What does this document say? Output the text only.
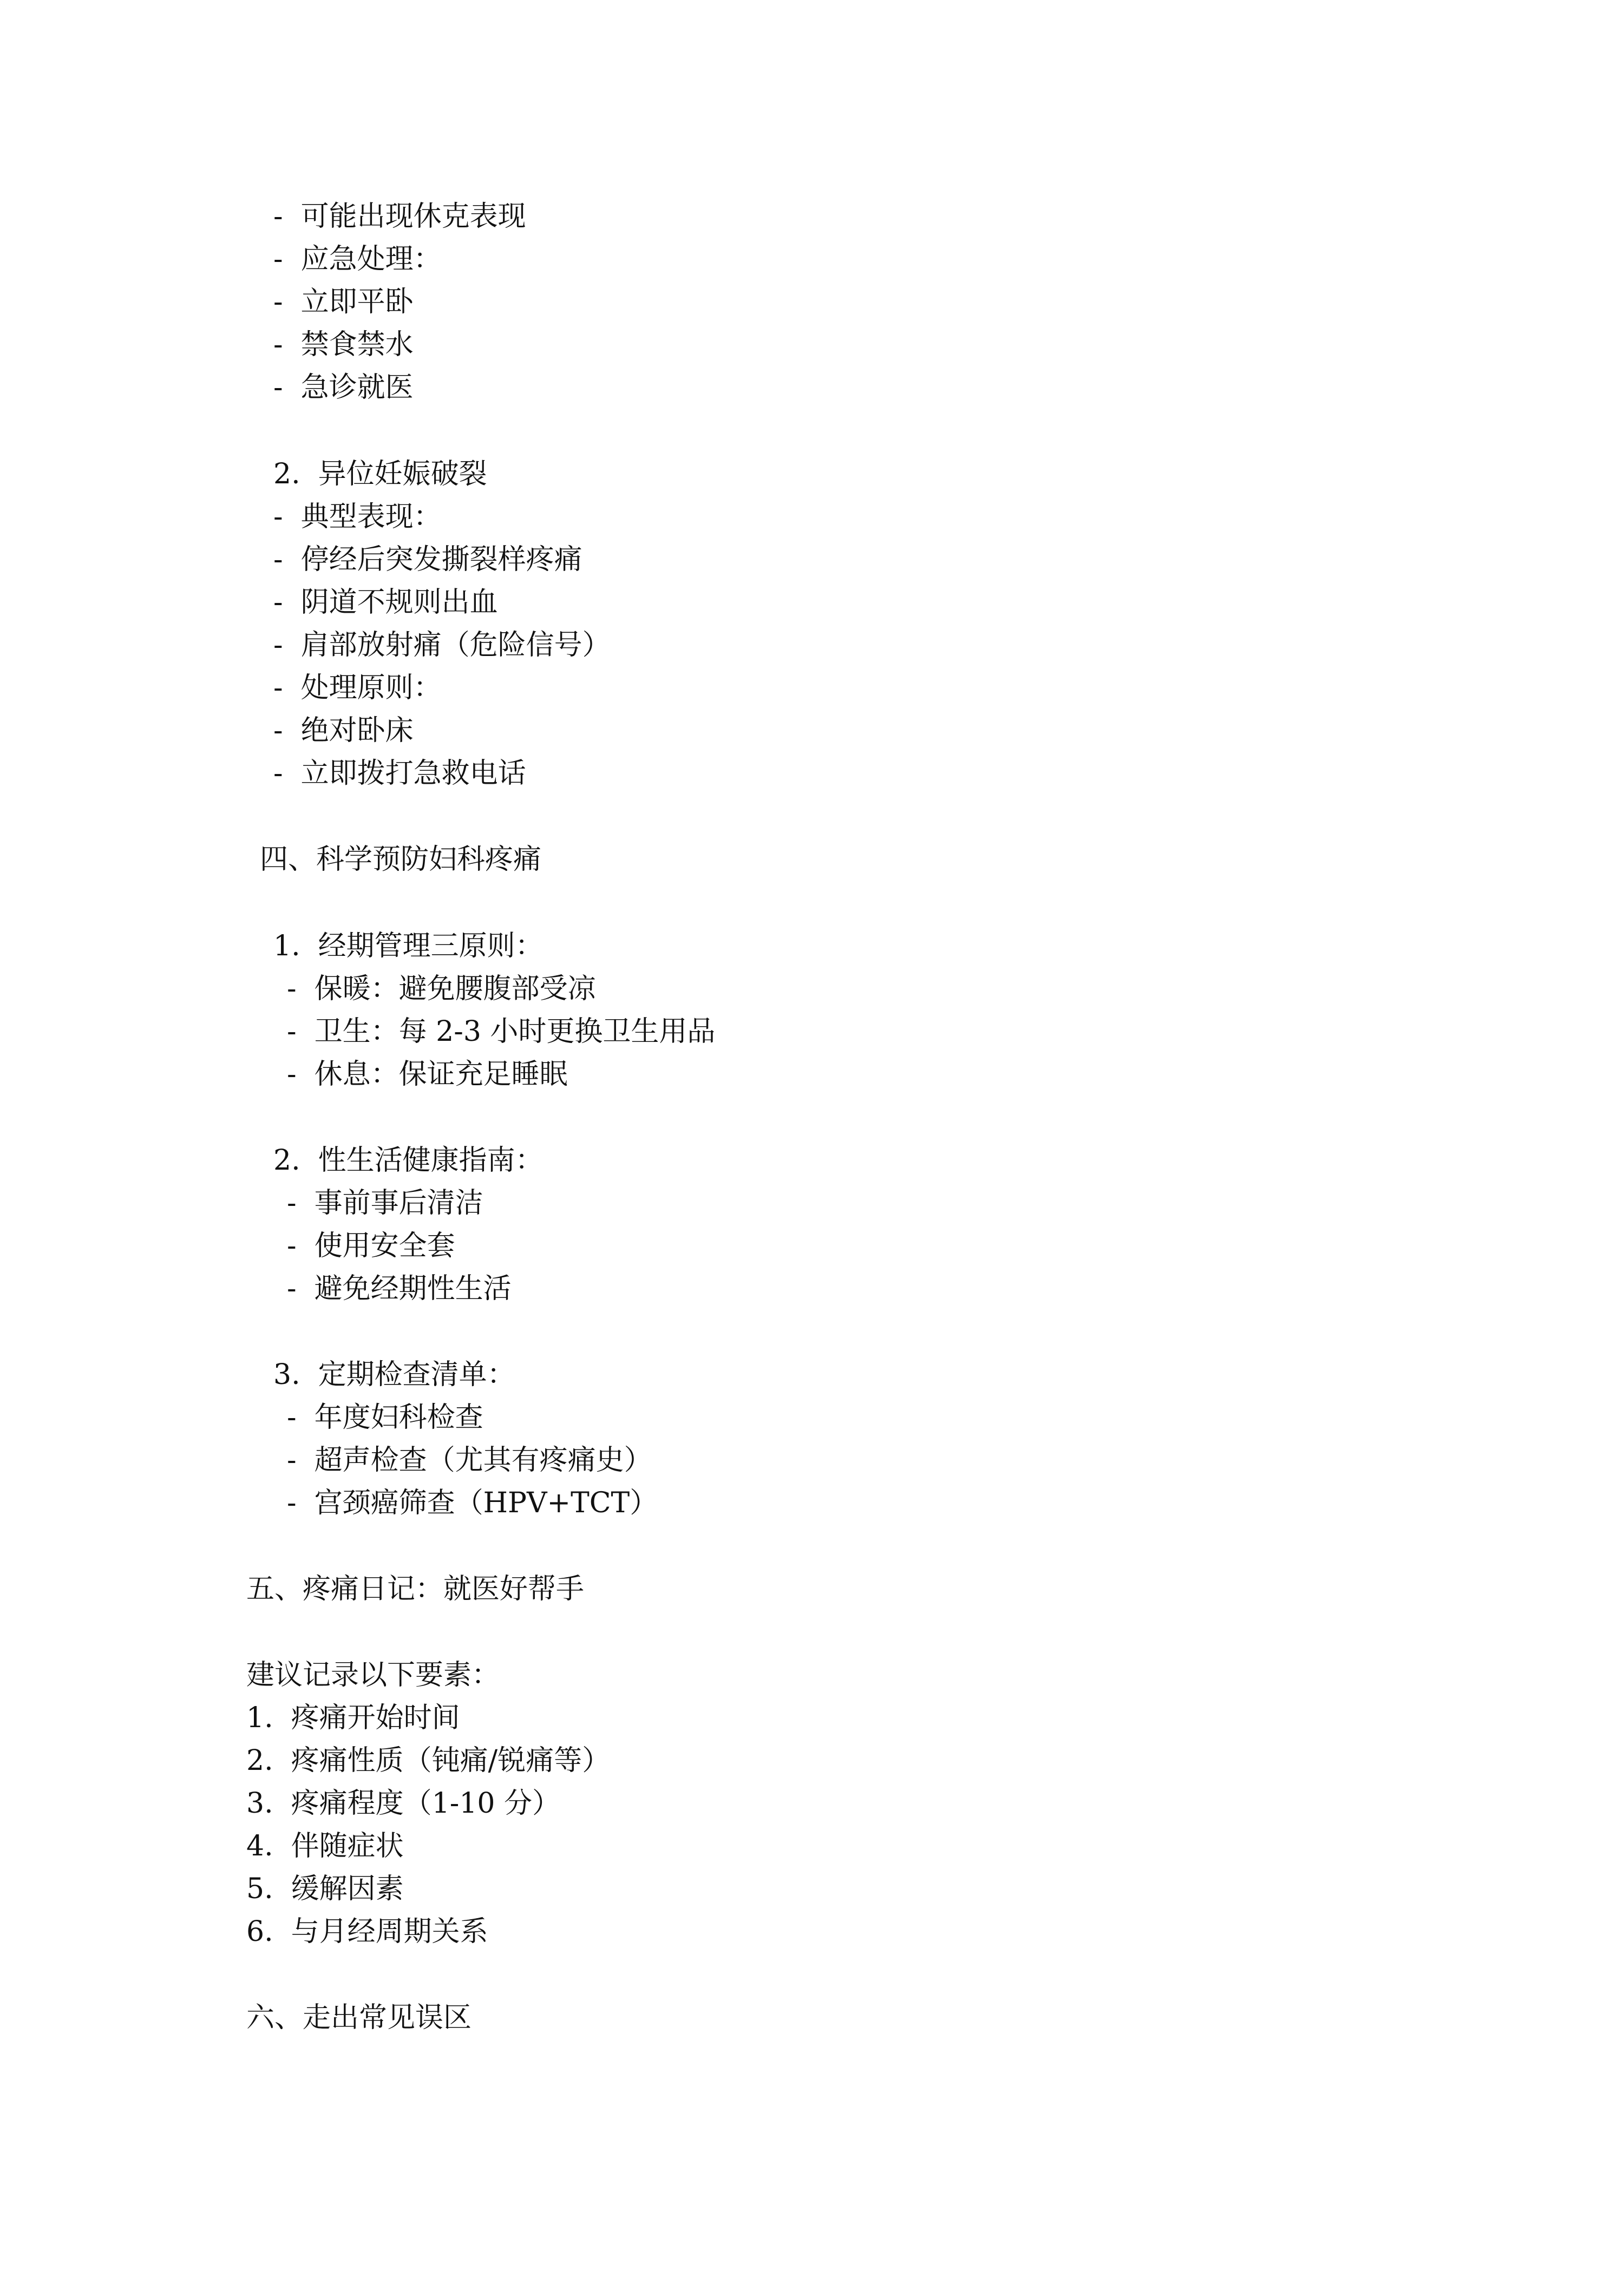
-  可能出现休克表现
-  应急处理：
-  立即平卧
-  禁食禁水
-  急诊就医
2.  异位妊娠破裂
-  典型表现：
-  停经后突发撕裂样疼痛
-  阴道不规则出血
-  肩部放射痛（危险信号）
-  处理原则：
-  绝对卧床
-  立即拨打急救电话
四、科学预防妇科疼痛
1.  经期管理三原则：
-  保暖：避免腰腹部受凉
-  卫生：每 2-3 小时更换卫生用品
-  休息：保证充足睡眠
2.  性生活健康指南：
-  事前事后清洁
-  使用安全套
-  避免经期性生活
3.  定期检查清单：
-  年度妇科检查
-  超声检查（尤其有疼痛史）
-  宫颈癌筛查（HPV+TCT）
五、疼痛日记：就医好帮手
建议记录以下要素：
1.  疼痛开始时间
2.  疼痛性质（钝痛/锐痛等）
3.  疼痛程度（1-10 分）
4.  伴随症状
5.  缓解因素
6.  与月经周期关系
六、走出常见误区
